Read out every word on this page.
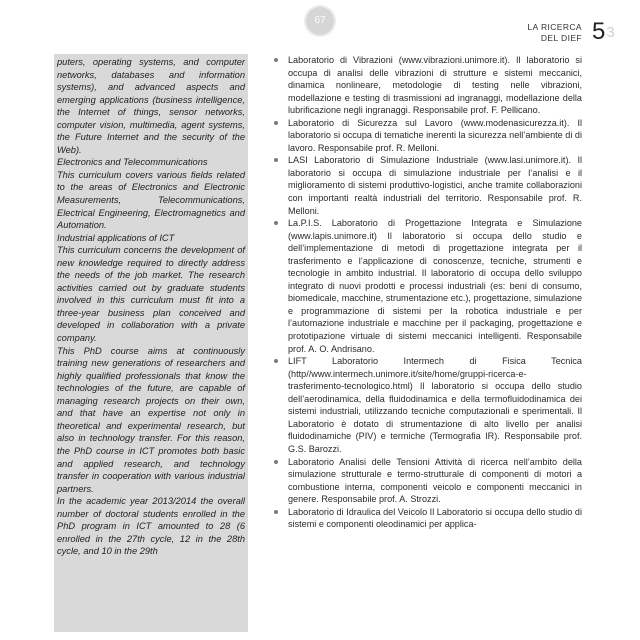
67
LA RICERCA
DEL DIEF 53

puters, operating systems, and computer networks, databases and information systems), and advanced aspects and emerging applications (business intelligence, the Internet of things, sensor networks, computer vision, multimedia, agent systems, the Future Internet and the security of the Web).

Electronics and Telecommunications

This curriculum covers various fields related to the areas of Electronics and Electronic Measurements, Telecommunications, Electrical Engineering, Electromagnetics and Automation.

Industrial applications of ICT

This curriculum concerns the development of new knowledge required to directly address the needs of the job market. The research activities carried out by graduate students involved in this curriculum must fit into a three-year business plan conceived and developed in collaboration with a private company.

This PhD course aims at continuously training new generations of researchers and highly qualified professionals that know the technologies of the future, are capable of managing research projects on their own, and that have an expertise not only in theoretical and experimental research, but also in technology transfer. For this reason, the PhD course in ICT promotes both basic and applied research, and technology transfer in cooperation with various industrial partners.

In the academic year 2013/2014 the overall number of doctoral students enrolled in the PhD program in ICT amounted to 28 (6 enrolled in the 27th cycle, 12 in the 28th cycle, and 10 in the 29th

Laboratorio di Vibrazioni (www.vibrazioni.unimore.it). Il laboratorio si occupa di analisi delle vibrazioni di strutture e sistemi meccanici, dinamica nonlineare, metodologie di testing nelle vibrazioni, modellazione e testing di trasmissioni ad ingranaggi, modellazione della lubrificazione negli ingranaggi. Responsabile prof. F. Pellicano.
Laboratorio di Sicurezza sul Lavoro (www.modenasicurezza.it). Il laboratorio si occupa di tematiche inerenti la sicurezza nell’ambiente di di lavoro. Responsabile prof. R. Melloni.
LASI Laboratorio di Simulazione Industriale (www.lasi.unimore.it). Il laboratorio si occupa di simulazione industriale per l’analisi e il miglioramento di sistemi produttivo-logistici, anche tramite collaborazioni con importanti realtà industriali del territorio. Responsabile prof. R. Melloni.
La.P.I.S. Laboratorio di Progettazione Integrata e Simulazione (www.lapis.unimore.it) Il laboratorio si occupa dello studio e dell’implementazione di metodi di progettazione integrata per il trasferimento e l’applicazione di conoscenze, tecniche, strumenti e tecnologie in ambito industrial. Il laboratorio di occupa dello sviluppo integrato di nuovi prodotti e processi industriali (es: beni di consumo, biomedicale, macchine, strumentazione etc.), progettazione, simulazione e programmazione di sistemi per la robotica industriale e per l’automazione industriale e macchine per il packaging, progettazione e prototipazione virtuale di sistemi meccanici intelligenti. Responsabile prof. A. O. Andrisano.
LIFT Laboratorio Intermech di Fisica Tecnica (http//www.intermech.unimore.it/site/home/gruppi-ricerca-e-trasferimento-tecnologico.html) Il laboratorio si occupa dello studio dell’aerodinamica, della fluidodinamica e della termofluidodinamica dei sistemi industriali, utilizzando tecniche computazionali e sperimentali. Il Laboratorio è dotato di strumentazione di alto livello per analisi fluidodinamiche (PIV) e termiche (Termografia IR). Responsabile prof. G.S. Barozzi.
Laboratorio Analisi delle Tensioni Attività di ricerca nell’ambito della simulazione strutturale e termo-strutturale di componenti di motori a combustione interna, componenti veicolo e componenti meccanici in genere. Responsabile prof. A. Strozzi.
Laboratorio di Idraulica del Veicolo Il Laboratorio si occupa dello studio di sistemi e componenti oleodinamici per applica-
